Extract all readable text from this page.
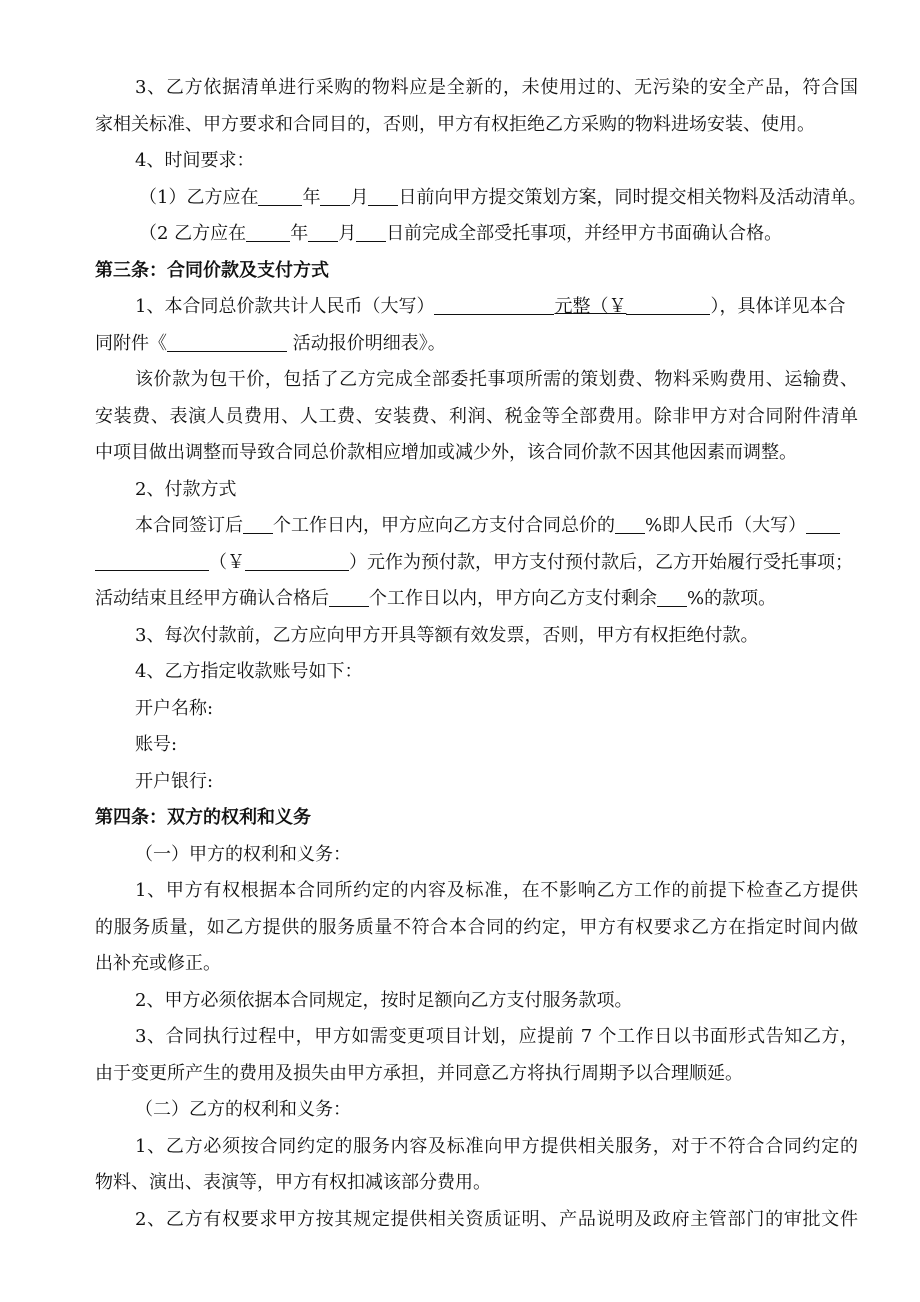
3、乙方依据清单进行采购的物料应是全新的，未使用过的、无污染的安全产品，符合国

家相关标准、甲方要求和合同目的，否则，甲方有权拒绝乙方采购的物料进场安装、使用。

4、时间要求：

（1）乙方应在 年 月 日前向甲方提交策划方案，同时提交相关物料及活动清单。

（2 乙方应在 年 月 日前完成全部受托事项，并经甲方书面确认合格。

第三条：合同价款及支付方式

1、本合同总价款共计人民币（大写）	元整（￥	），具体详见本合

同附件《	活动报价明细表》。

该价款为包干价，包括了乙方完成全部委托事项所需的策划费、物料采购费用、运输费、

安装费、表演人员费用、人工费、安装费、利润、税金等全部费用。除非甲方对合同附件清单

中项目做出调整而导致合同总价款相应增加或减少外，该合同价款不因其他因素而调整。

2、付款方式

本合同签订后 个工作日内，甲方应向乙方支付合同总价的 %即人民币（大写）

（￥	）元作为预付款，甲方支付预付款后，乙方开始履行受托事项；

活动结束且经甲方确认合格后 个工作日以内，甲方向乙方支付剩余 %的款项。

3、每次付款前，乙方应向甲方开具等额有效发票，否则，甲方有权拒绝付款。

4、乙方指定收款账号如下：

开户名称:

账号:

开户银行:

第四条：双方的权利和义务

（一）甲方的权利和义务：

1、甲方有权根据本合同所约定的内容及标准，在不影响乙方工作的前提下检查乙方提供

的服务质量，如乙方提供的服务质量不符合本合同的约定，甲方有权要求乙方在指定时间内做

出补充或修正。

2、甲方必须依据本合同规定，按时足额向乙方支付服务款项。

3、合同执行过程中，甲方如需变更项目计划，应提前 7 个工作日以书面形式告知乙方，

由于变更所产生的费用及损失由甲方承担，并同意乙方将执行周期予以合理顺延。

（二）乙方的权利和义务：

1、乙方必须按合同约定的服务内容及标准向甲方提供相关服务，对于不符合合同约定的

物料、演出、表演等，甲方有权扣减该部分费用。

2、乙方有权要求甲方按其规定提供相关资质证明、产品说明及政府主管部门的审批文件
